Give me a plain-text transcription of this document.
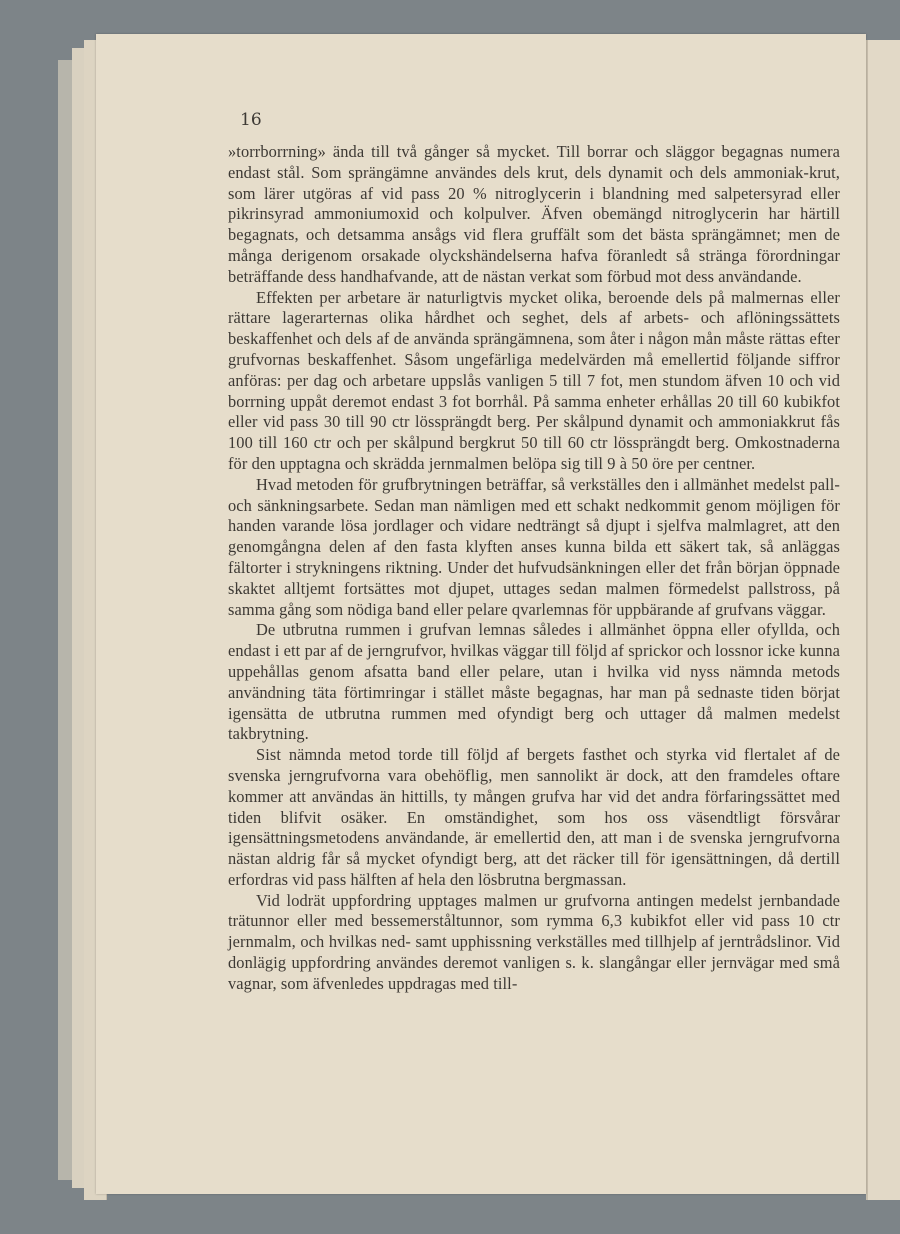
16

»torrborrning» ända till två gånger så mycket. Till borrar och släggor begagnas numera endast stål. Som sprängämne användes dels krut, dels dynamit och dels ammoniak-krut, som lärer utgöras af vid pass 20 % nitroglycerin i blandning med salpetersyrad eller pikrinsyrad ammoniumoxid och kolpulver. Äfven obemängd nitroglycerin har härtill begagnats, och detsamma ansågs vid flera gruffält som det bästa sprängämnet; men de många derigenom orsakade olyckshändelserna hafva föranledt så stränga förordningar beträffande dess handhafvande, att de nästan verkat som förbud mot dess användande.

Effekten per arbetare är naturligtvis mycket olika, beroende dels på malmernas eller rättare lagerarternas olika hårdhet och seghet, dels af arbets- och aflöningssättets beskaffenhet och dels af de använda sprängämnena, som åter i någon mån måste rättas efter grufvornas beskaffenhet. Såsom ungefärliga medelvärden må emellertid följande siffror anföras: per dag och arbetare uppslås vanligen 5 till 7 fot, men stundom äfven 10 och vid borrning uppåt deremot endast 3 fot borrhål. På samma enheter erhållas 20 till 60 kubikfot eller vid pass 30 till 90 ctr lössprängdt berg. Per skålpund dynamit och ammoniakkrut fås 100 till 160 ctr och per skålpund bergkrut 50 till 60 ctr lössprängdt berg. Omkostnaderna för den upptagna och skrädda jernmalmen belöpa sig till 9 à 50 öre per centner.

Hvad metoden för grufbrytningen beträffar, så verkställes den i allmänhet medelst pall- och sänkningsarbete. Sedan man nämligen med ett schakt nedkommit genom möjligen för handen varande lösa jordlager och vidare nedträngt så djupt i sjelfva malmlagret, att den genomgångna delen af den fasta klyften anses kunna bilda ett säkert tak, så anläggas fältorter i strykningens riktning. Under det hufvudsänkningen eller det från början öppnade skaktet alltjemt fortsättes mot djupet, uttages sedan malmen förmedelst pallstross, på samma gång som nödiga band eller pelare qvarlemnas för uppbärande af grufvans väggar.

De utbrutna rummen i grufvan lemnas således i allmänhet öppna eller ofyllda, och endast i ett par af de jerngrufvor, hvilkas väggar till följd af sprickor och lossnor icke kunna uppehållas genom afsatta band eller pelare, utan i hvilka vid nyss nämnda metods användning täta förtimringar i stället måste begagnas, har man på sednaste tiden börjat igensätta de utbrutna rummen med ofyndigt berg och uttager då malmen medelst takbrytning.

Sist nämnda metod torde till följd af bergets fasthet och styrka vid flertalet af de svenska jerngrufvorna vara obehöflig, men sannolikt är dock, att den framdeles oftare kommer att användas än hittills, ty mången grufva har vid det andra förfaringssättet med tiden blifvit osäker. En omständighet, som hos oss väsendtligt försvårar igensättningsmetodens användande, är emellertid den, att man i de svenska jerngrufvorna nästan aldrig får så mycket ofyndigt berg, att det räcker till för igensättningen, då dertill erfordras vid pass hälften af hela den lösbrutna bergmassan.

Vid lodrät uppfordring upptages malmen ur grufvorna antingen medelst jernbandade trätunnor eller med bessemerståltunnor, som rymma 6,3 kubikfot eller vid pass 10 ctr jernmalm, och hvilkas ned- samt upphissning verkställes med tillhjelp af jerntrådslinor. Vid donlägig uppfordring användes deremot vanligen s. k. slangångar eller jernvägar med små vagnar, som äfvenledes uppdragas med till-
